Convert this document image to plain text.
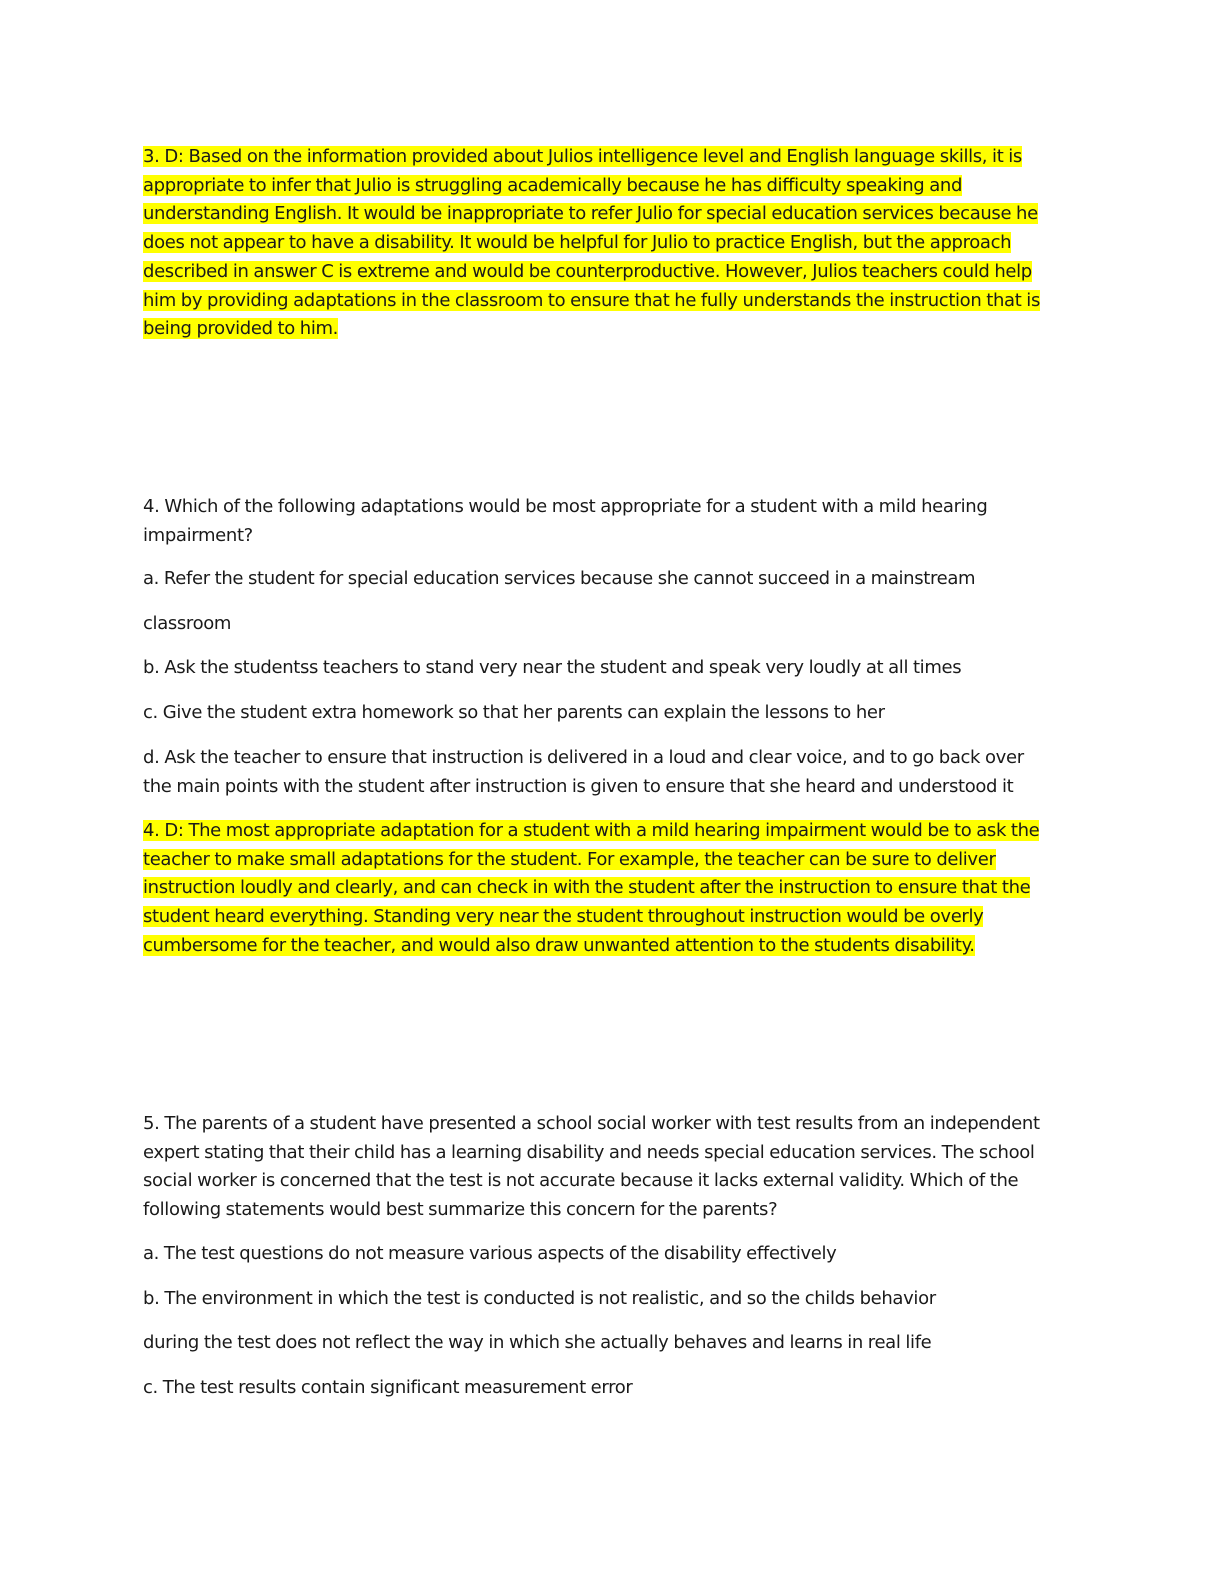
3. D: Based on the information provided about Julios intelligence level and English language skills, it is
appropriate to infer that Julio is struggling academically because he has difficulty speaking and
understanding English. It would be inappropriate to refer Julio for special education services because he
does not appear to have a disability. It would be helpful for Julio to practice English, but the approach
described in answer C is extreme and would be counterproductive. However, Julios teachers could help
him by providing adaptations in the classroom to ensure that he fully understands the instruction that is
being provided to him.
4. Which of the following adaptations would be most appropriate for a student with a mild hearing
impairment?
a. Refer the student for special education services because she cannot succeed in a mainstream
classroom
b. Ask the studentss teachers to stand very near the student and speak very loudly at all times
c. Give the student extra homework so that her parents can explain the lessons to her
d. Ask the teacher to ensure that instruction is delivered in a loud and clear voice, and to go back over
the main points with the student after instruction is given to ensure that she heard and understood it
4. D: The most appropriate adaptation for a student with a mild hearing impairment would be to ask the
teacher to make small adaptations for the student. For example, the teacher can be sure to deliver
instruction loudly and clearly, and can check in with the student after the instruction to ensure that the
student heard everything. Standing very near the student throughout instruction would be overly
cumbersome for the teacher, and would also draw unwanted attention to the students disability.
5. The parents of a student have presented a school social worker with test results from an independent
expert stating that their child has a learning disability and needs special education services. The school
social worker is concerned that the test is not accurate because it lacks external validity. Which of the
following statements would best summarize this concern for the parents?
a. The test questions do not measure various aspects of the disability effectively
b. The environment in which the test is conducted is not realistic, and so the childs behavior
during the test does not reflect the way in which she actually behaves and learns in real life
c. The test results contain significant measurement error
